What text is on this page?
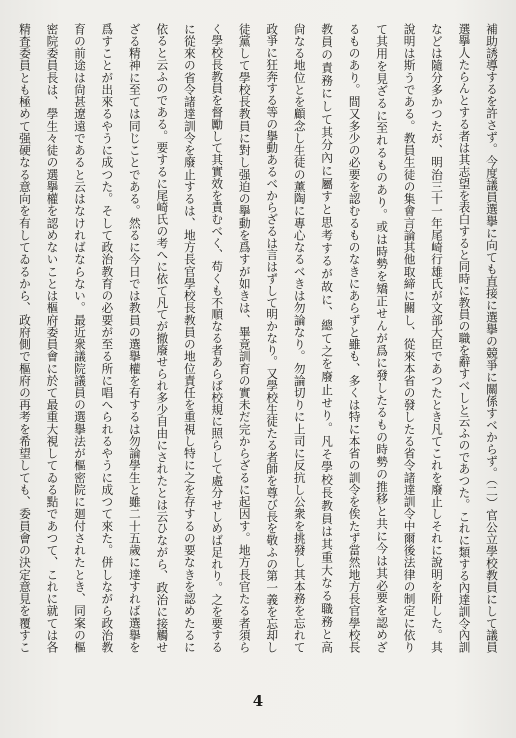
補助誘導するを許さず。今度議員選擧に向ても直接に選擧の競爭に關係すべからず。（二）官公立學校教員にして議員
選擧人たらんとする者は其志望を表白すると同時に教員の職を辭すべしと云ふのであつた。これに類する內達訓令內訓
などは隨分多かつたが、明治三十一年尾崎行雄氏が文部大臣であつたとき凡てこれを廢止しそれに說明を附した。其
說明は斯うである。教員生徒の集會言論其他取締に關し、從來本省の發したる省令諸達訓令中爾後法律の制定に依り
て其用を見ざるに至れるものあり。或は時勢を矯正せんが爲に發したるもの時勢の推移と共に今は其必要を認めざ
るものあり。間又多少の必要を認むるものなきにあらずと雖も、多くは特に本省の訓令を俟たず當然地方長官學校長
教員の責務にして其分內に屬すと思考するが故に、總て之を廢止せり。凡そ學校長教員は其重大なる職務と高
尙なる地位とを顧念し生徒の薰陶に專心なるべきは勿論なり。勿論切りに上司に反抗し公衆を挑發し其本務を忘れて
政爭に狂奔する等の擧動あるべからざるは言はずして明かなり。又學校生徒たる者師を尊び長を敬ふの第一義を忘却し
徒黨して學校長教員に對し强迫の擧動を爲すが如きは、畢竟訓育の實未だ完からざるに起因す。地方長官たる者須ら
く學校長教員を督勵して其實效を責むべく、苟くも不順なる者あらば校規に照らして處分せしめば足れり。之を要する
に從來の省令諸達訓令を廢止するは、地方長官學校長教員の地位責任を重視し特に之を存するの要なきを認めたるに
依ると云ふのである。要するに尾崎氏の考へに依て凡てが撤廢せられ多少自由にされたとは云ひながら、政治に接觸せ
ざる精神に至ては同じことである。然るに今日では教員の選擧權を有するは勿論學生と雖二十五歲に達すれば選擧を
爲すことが出來るやうに成つた。そして政治教育の必要が至る所に唱へられるやうに成つて來た。併しながら政治教
育の前途は尙甚遼遠であると云はなければならない。最近衆議院議員の選擧法が樞密院に廻付されたとき、同案の樞
密院委員長は、學生々徒の選擧權を認めないことは樞府委員會に於て最重大視してゐる點であつて、これに就ては各
精査委員とも極めて强硬なる意向を有してゐるから、政府側で樞府の再考を希望しても、委員會の決定意見を覆すこ
4
